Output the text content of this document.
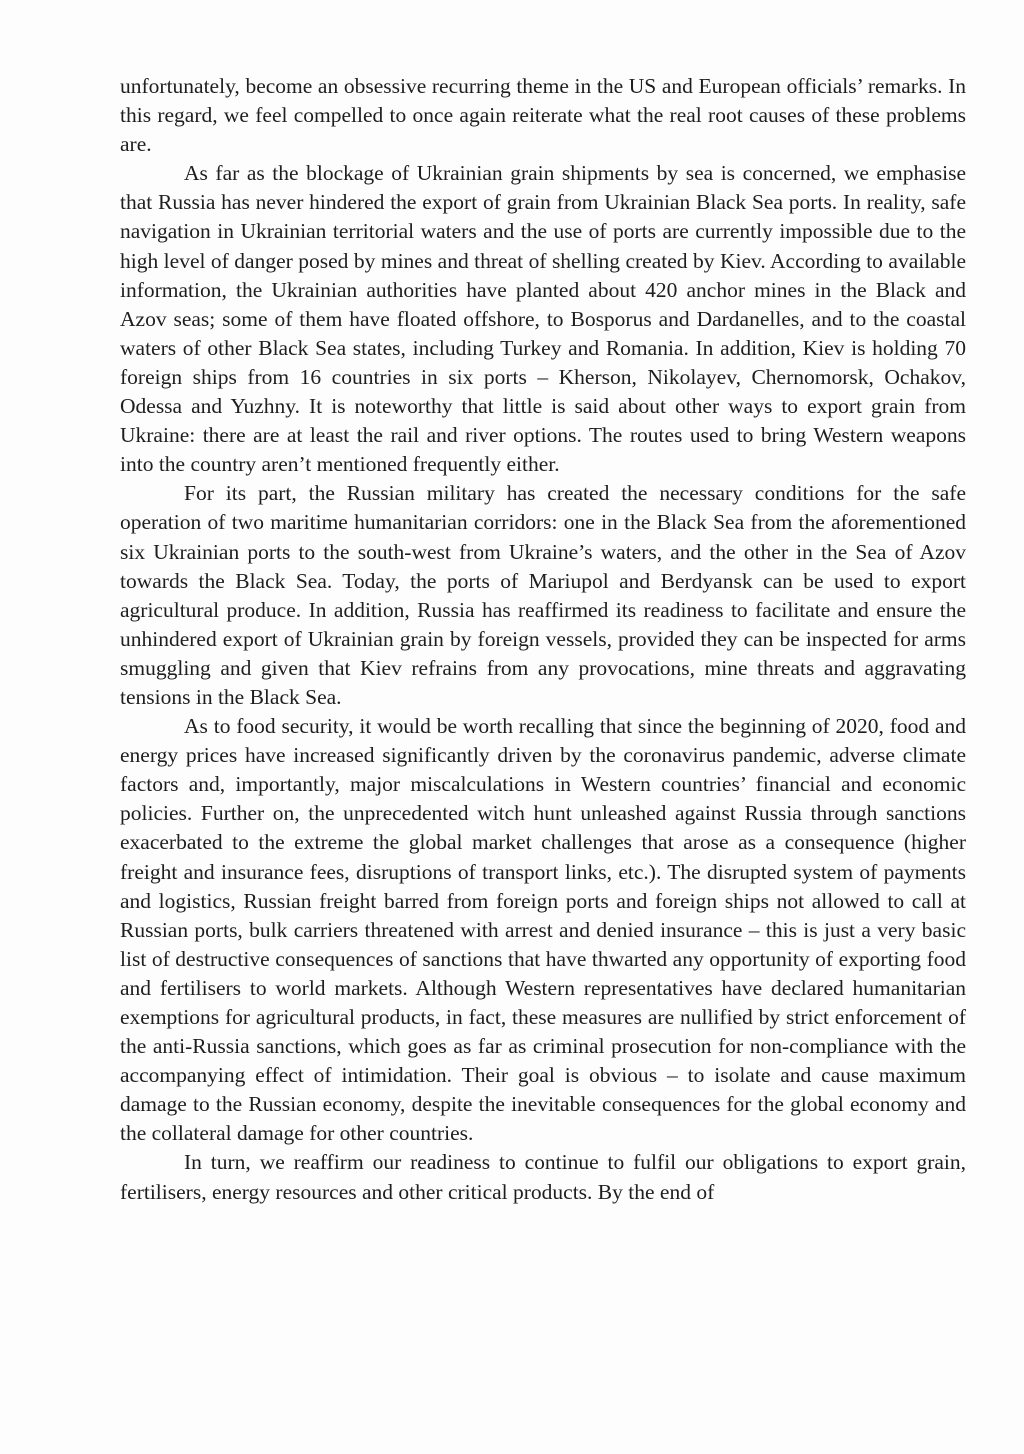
unfortunately, become an obsessive recurring theme in the US and European officials’ remarks. In this regard, we feel compelled to once again reiterate what the real root causes of these problems are.

As far as the blockage of Ukrainian grain shipments by sea is concerned, we emphasise that Russia has never hindered the export of grain from Ukrainian Black Sea ports. In reality, safe navigation in Ukrainian territorial waters and the use of ports are currently impossible due to the high level of danger posed by mines and threat of shelling created by Kiev. According to available information, the Ukrainian authorities have planted about 420 anchor mines in the Black and Azov seas; some of them have floated offshore, to Bosporus and Dardanelles, and to the coastal waters of other Black Sea states, including Turkey and Romania. In addition, Kiev is holding 70 foreign ships from 16 countries in six ports – Kherson, Nikolayev, Chernomorsk, Ochakov, Odessa and Yuzhny. It is noteworthy that little is said about other ways to export grain from Ukraine: there are at least the rail and river options. The routes used to bring Western weapons into the country aren’t mentioned frequently either.

For its part, the Russian military has created the necessary conditions for the safe operation of two maritime humanitarian corridors: one in the Black Sea from the aforementioned six Ukrainian ports to the south-west from Ukraine’s waters, and the other in the Sea of Azov towards the Black Sea. Today, the ports of Mariupol and Berdyansk can be used to export agricultural produce. In addition, Russia has reaffirmed its readiness to facilitate and ensure the unhindered export of Ukrainian grain by foreign vessels, provided they can be inspected for arms smuggling and given that Kiev refrains from any provocations, mine threats and aggravating tensions in the Black Sea.

As to food security, it would be worth recalling that since the beginning of 2020, food and energy prices have increased significantly driven by the coronavirus pandemic, adverse climate factors and, importantly, major miscalculations in Western countries’ financial and economic policies. Further on, the unprecedented witch hunt unleashed against Russia through sanctions exacerbated to the extreme the global market challenges that arose as a consequence (higher freight and insurance fees, disruptions of transport links, etc.). The disrupted system of payments and logistics, Russian freight barred from foreign ports and foreign ships not allowed to call at Russian ports, bulk carriers threatened with arrest and denied insurance – this is just a very basic list of destructive consequences of sanctions that have thwarted any opportunity of exporting food and fertilisers to world markets. Although Western representatives have declared humanitarian exemptions for agricultural products, in fact, these measures are nullified by strict enforcement of the anti-Russia sanctions, which goes as far as criminal prosecution for non-compliance with the accompanying effect of intimidation. Their goal is obvious – to isolate and cause maximum damage to the Russian economy, despite the inevitable consequences for the global economy and the collateral damage for other countries.

In turn, we reaffirm our readiness to continue to fulfil our obligations to export grain, fertilisers, energy resources and other critical products. By the end of
